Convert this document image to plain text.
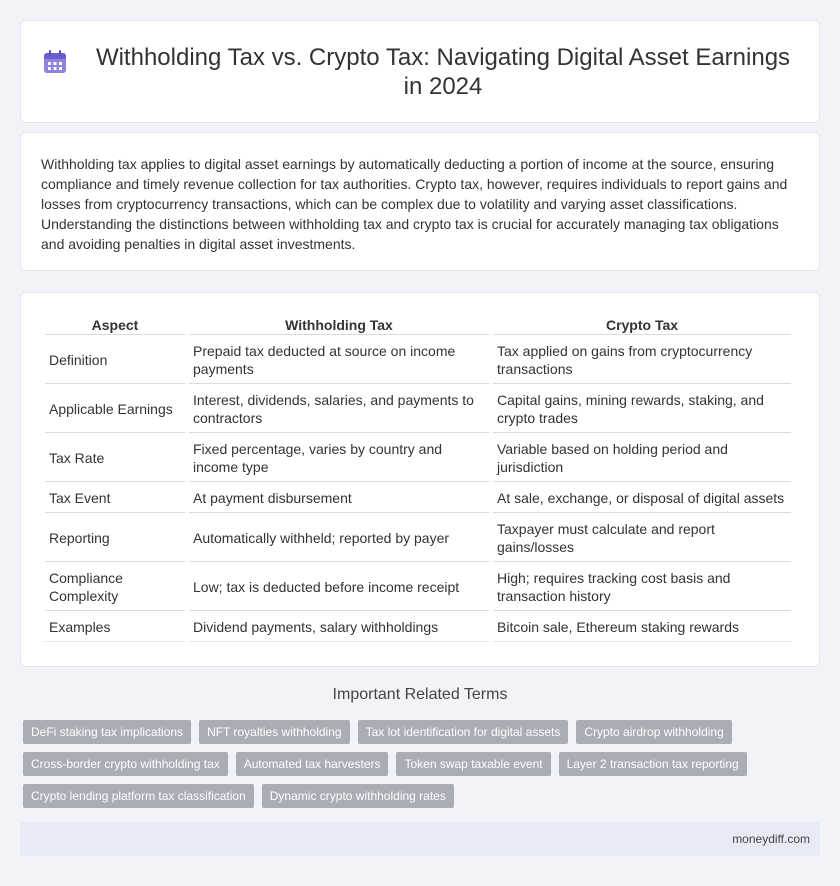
Withholding Tax vs. Crypto Tax: Navigating Digital Asset Earnings in 2024

Withholding tax applies to digital asset earnings by automatically deducting a portion of income at the source, ensuring compliance and timely revenue collection for tax authorities. Crypto tax, however, requires individuals to report gains and losses from cryptocurrency transactions, which can be complex due to volatility and varying asset classifications. Understanding the distinctions between withholding tax and crypto tax is crucial for accurately managing tax obligations and avoiding penalties in digital asset investments.

Aspect	Withholding Tax	Crypto Tax
Definition	Prepaid tax deducted at source on income payments	Tax applied on gains from cryptocurrency transactions
Applicable Earnings	Interest, dividends, salaries, and payments to contractors	Capital gains, mining rewards, staking, and crypto trades
Tax Rate	Fixed percentage, varies by country and income type	Variable based on holding period and jurisdiction
Tax Event	At payment disbursement	At sale, exchange, or disposal of digital assets
Reporting	Automatically withheld; reported by payer	Taxpayer must calculate and report gains/losses
Compliance Complexity	Low; tax is deducted before income receipt	High; requires tracking cost basis and transaction history
Examples	Dividend payments, salary withholdings	Bitcoin sale, Ethereum staking rewards
Important Related Terms
DeFi staking tax implications	NFT royalties withholding	Tax lot identification for digital assets	Crypto airdrop withholding
Cross-border crypto withholding tax	Automated tax harvesters	Token swap taxable event	Layer 2 transaction tax reporting
Crypto lending platform tax classification	Dynamic crypto withholding rates
moneydiff.com
